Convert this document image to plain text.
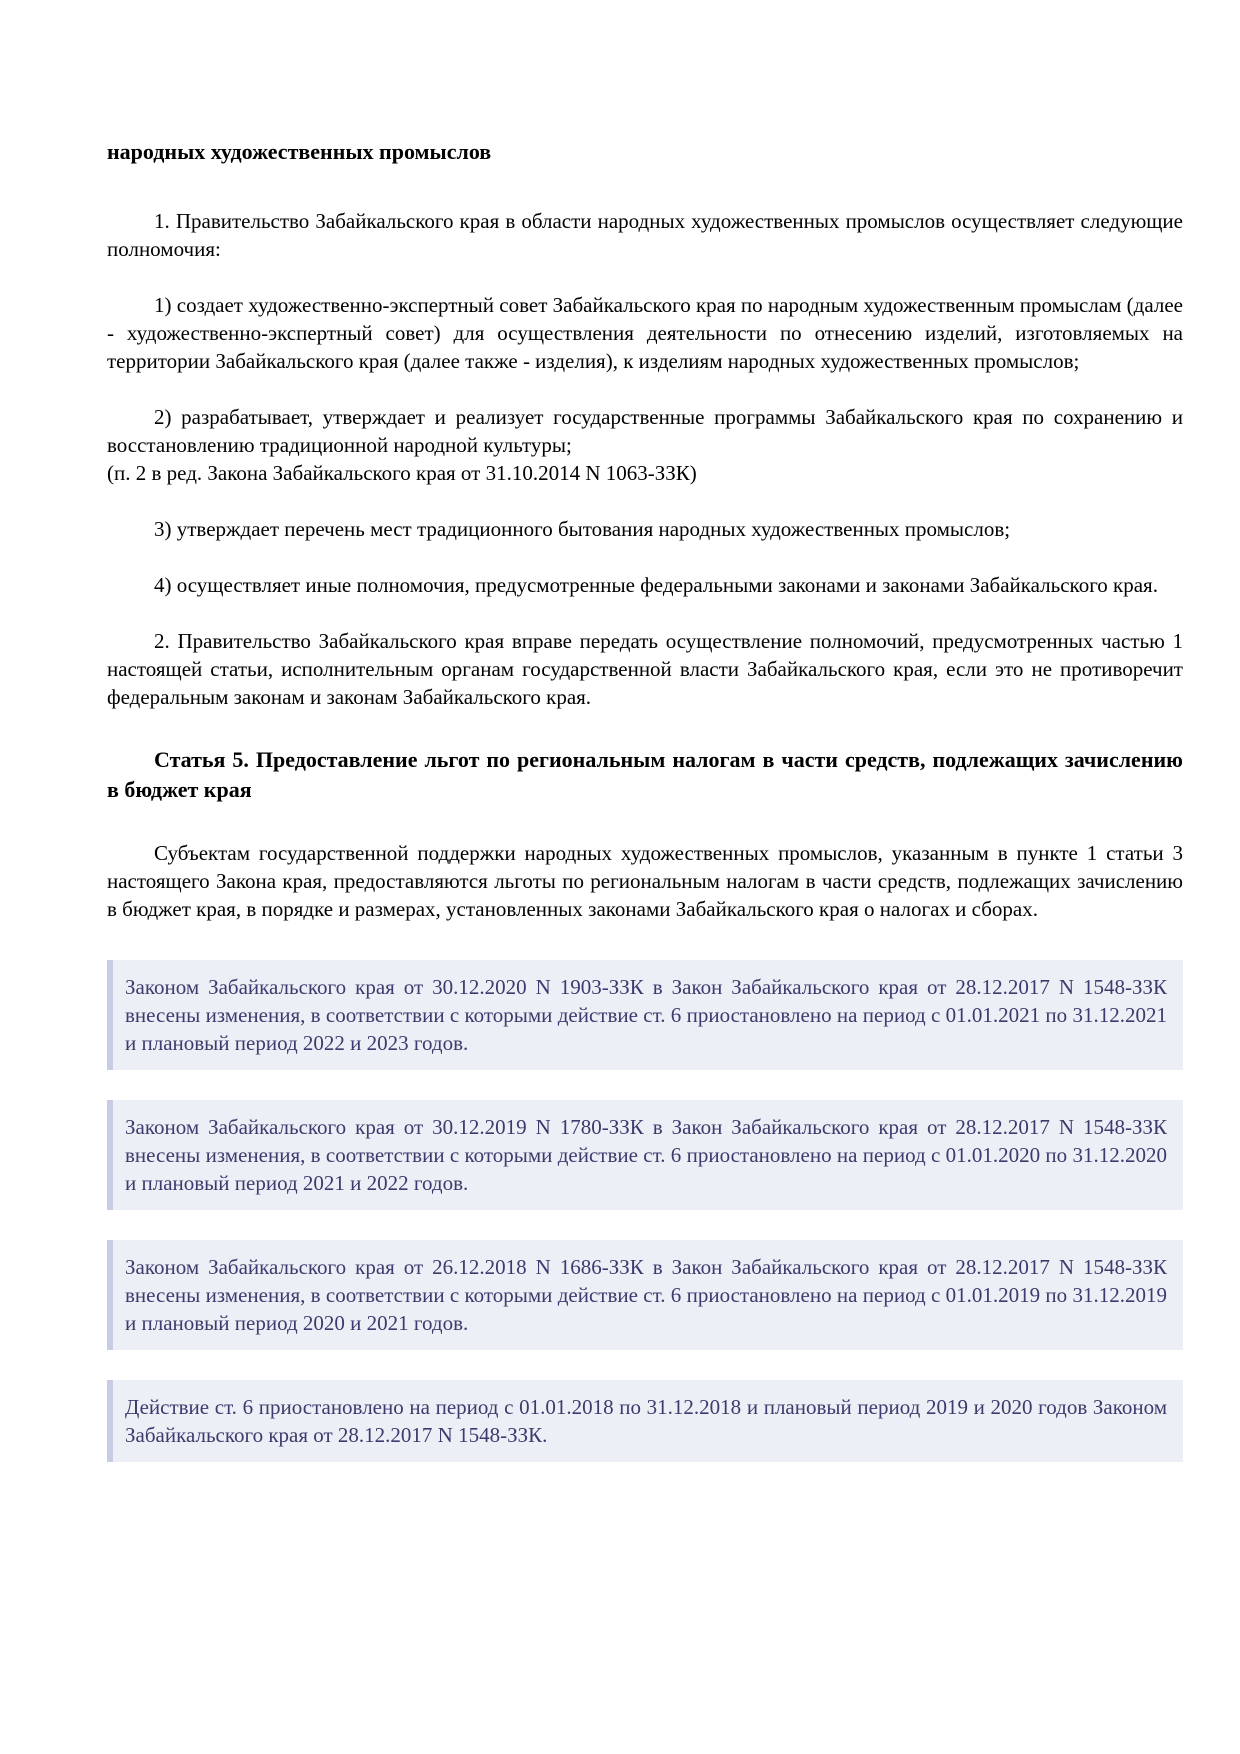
народных художественных промыслов

1. Правительство Забайкальского края в области народных художественных промыслов осуществляет следующие полномочия:

1) создает художественно-экспертный совет Забайкальского края по народным художественным промыслам (далее - художественно-экспертный совет) для осуществления деятельности по отнесению изделий, изготовляемых на территории Забайкальского края (далее также - изделия), к изделиям народных художественных промыслов;

2) разрабатывает, утверждает и реализует государственные программы Забайкальского края по сохранению и восстановлению традиционной народной культуры;

(п. 2 в ред. Закона Забайкальского края от 31.10.2014 N 1063-ЗЗК)

3) утверждает перечень мест традиционного бытования народных художественных промыслов;

4) осуществляет иные полномочия, предусмотренные федеральными законами и законами Забайкальского края.

2. Правительство Забайкальского края вправе передать осуществление полномочий, предусмотренных частью 1 настоящей статьи, исполнительным органам государственной власти Забайкальского края, если это не противоречит федеральным законам и законам Забайкальского края.

Статья 5. Предоставление льгот по региональным налогам в части средств, подлежащих зачислению в бюджет края

Субъектам государственной поддержки народных художественных промыслов, указанным в пункте 1 статьи 3 настоящего Закона края, предоставляются льготы по региональным налогам в части средств, подлежащих зачислению в бюджет края, в порядке и размерах, установленных законами Забайкальского края о налогах и сборах.

Законом Забайкальского края от 30.12.2020 N 1903-ЗЗК в Закон Забайкальского края от 28.12.2017 N 1548-ЗЗК внесены изменения, в соответствии с которыми действие ст. 6 приостановлено на период с 01.01.2021 по 31.12.2021 и плановый период 2022 и 2023 годов.
Законом Забайкальского края от 30.12.2019 N 1780-ЗЗК в Закон Забайкальского края от 28.12.2017 N 1548-ЗЗК внесены изменения, в соответствии с которыми действие ст. 6 приостановлено на период с 01.01.2020 по 31.12.2020 и плановый период 2021 и 2022 годов.
Законом Забайкальского края от 26.12.2018 N 1686-ЗЗК в Закон Забайкальского края от 28.12.2017 N 1548-ЗЗК внесены изменения, в соответствии с которыми действие ст. 6 приостановлено на период с 01.01.2019 по 31.12.2019 и плановый период 2020 и 2021 годов.
Действие ст. 6 приостановлено на период с 01.01.2018 по 31.12.2018 и плановый период 2019 и 2020 годов Законом Забайкальского края от 28.12.2017 N 1548-ЗЗК.
